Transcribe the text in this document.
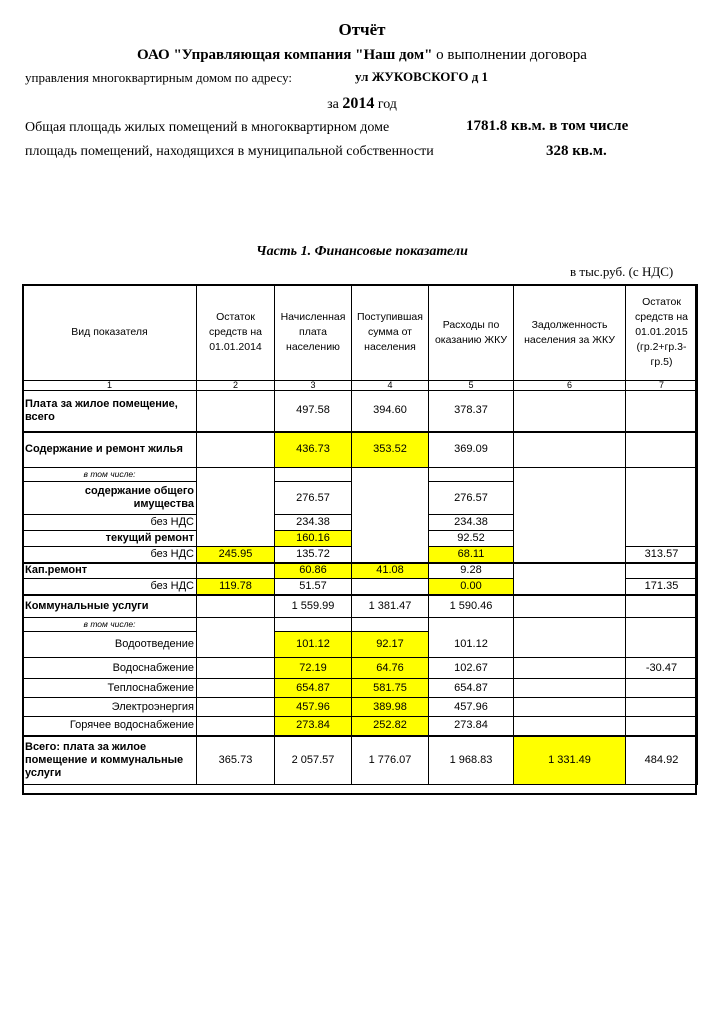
Отчёт
ОАО "Управляющая компания "Наш дом" о выполнении договора
управления многоквартирным домом по адресу:	ул ЖУКОВСКОГО д 1
за 2014 год
Общая площадь жилых помещений в многоквартирном доме	1781.8 кв.м. в том числе
площадь помещений, находящихся в муниципальной собственности	328 кв.м.
Часть 1. Финансовые показатели
в тыс.руб. (с НДС)
Вид показателя	Остаток средств на 01.01.2014	Начисленная плата населению	Поступившая сумма от населения	Расходы по оказанию ЖКУ	Задолженность населения за ЖКУ	Остаток средств на 01.01.2015 (гр.2+гр.3-гр.5)
1	2	3	4	5	6	7
Плата за жилое помещение, всего		497.58	394.60	378.37		
Содержание и ремонт жилья		436.73	353.52	369.09		
в том числе:						
содержание общего имущества		276.57		276.57		
без НДС		234.38		234.38		
текущий ремонт		160.16		92.52		
без НДС	245.95	135.72		68.11		313.57
Кап.ремонт		60.86	41.08	9.28		
без НДС	119.78	51.57		0.00		171.35
Коммунальные услуги		1 559.99	1 381.47	1 590.46		
в том числе:						
Водоотведение		101.12	92.17	101.12		
Водоснабжение		72.19	64.76	102.67		-30.47
Теплоснабжение		654.87	581.75	654.87		
Электроэнергия		457.96	389.98	457.96		
Горячее водоснабжение		273.84	252.82	273.84		
Всего: плата за жилое помещение и коммунальные услуги	365.73	2 057.57	1 776.07	1 968.83	1 331.49	484.92
